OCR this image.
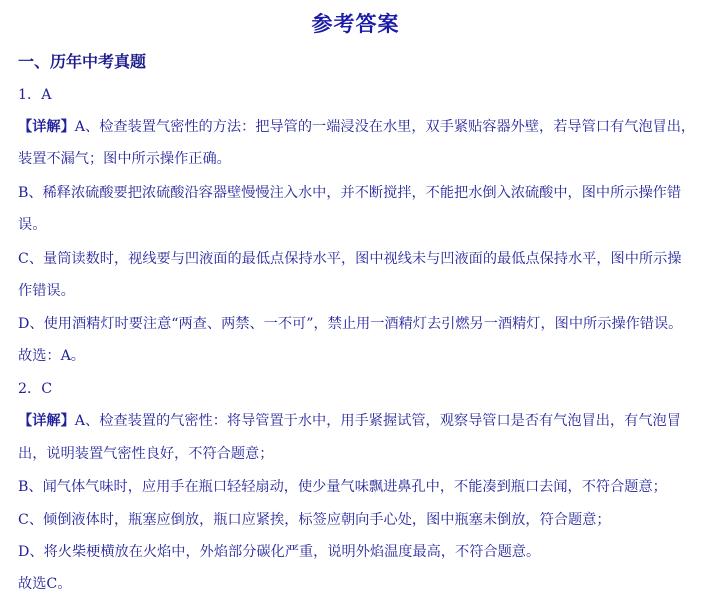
参考答案
一、历年中考真题
1．A
【详解】A、检查装置气密性的方法：把导管的一端浸没在水里，双手紧贴容器外壁，若导管口有气泡冒出，
装置不漏气；图中所示操作正确。
B、稀释浓硫酸要把浓硫酸沿容器壁慢慢注入水中，并不断搅拌，不能把水倒入浓硫酸中，图中所示操作错
误。
C、量筒读数时，视线要与凹液面的最低点保持水平，图中视线未与凹液面的最低点保持水平，图中所示操
作错误。
D、使用酒精灯时要注意“两查、两禁、一不可”，禁止用一酒精灯去引燃另一酒精灯，图中所示操作错误。
故选：A。
2．C
【详解】A、检查装置的气密性：将导管置于水中，用手紧握试管，观察导管口是否有气泡冒出，有气泡冒
出，说明装置气密性良好，不符合题意；
B、闻气体气味时，应用手在瓶口轻轻扇动，使少量气味飘进鼻孔中，不能凑到瓶口去闻，不符合题意；
C、倾倒液体时，瓶塞应倒放，瓶口应紧挨，标签应朝向手心处，图中瓶塞未倒放，符合题意；
D、将火柴梗横放在火焰中，外焰部分碳化严重，说明外焰温度最高，不符合题意。
故选C。
